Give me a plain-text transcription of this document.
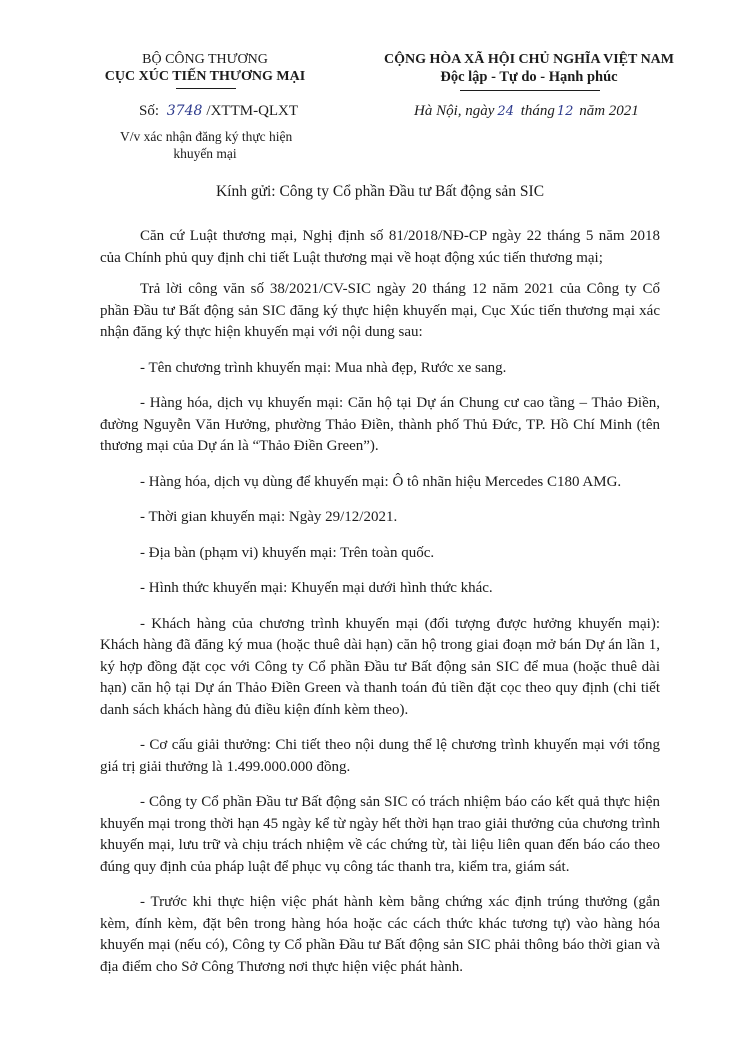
BỘ CÔNG THƯƠNG
CỤC XÚC TIẾN THƯƠNG MẠI
Số: 3748 /XTTM-QLXT
V/v xác nhận đăng ký thực hiện
khuyến mại
CỘNG HÒA XÃ HỘI CHỦ NGHĨA VIỆT NAM
Độc lập - Tự do - Hạnh phúc
Hà Nội, ngày 24 tháng 12 năm 2021
Kính gửi: Công ty Cổ phần Đầu tư Bất động sản SIC

Căn cứ Luật thương mại, Nghị định số 81/2018/NĐ-CP ngày 22 tháng 5 năm 2018 của Chính phủ quy định chi tiết Luật thương mại về hoạt động xúc tiến thương mại;

Trả lời công văn số 38/2021/CV-SIC ngày 20 tháng 12 năm 2021 của Công ty Cổ phần Đầu tư Bất động sản SIC đăng ký thực hiện khuyến mại, Cục Xúc tiến thương mại xác nhận đăng ký thực hiện khuyến mại với nội dung sau:

- Tên chương trình khuyến mại: Mua nhà đẹp, Rước xe sang.

- Hàng hóa, dịch vụ khuyến mại: Căn hộ tại Dự án Chung cư cao tầng – Thảo Điền, đường Nguyễn Văn Hưởng, phường Thảo Điền, thành phố Thủ Đức, TP. Hồ Chí Minh (tên thương mại của Dự án là “Thảo Điền Green”).

- Hàng hóa, dịch vụ dùng để khuyến mại: Ô tô nhãn hiệu Mercedes C180 AMG.

- Thời gian khuyến mại: Ngày 29/12/2021.

- Địa bàn (phạm vi) khuyến mại: Trên toàn quốc.

- Hình thức khuyến mại: Khuyến mại dưới hình thức khác.

- Khách hàng của chương trình khuyến mại (đối tượng được hưởng khuyến mại): Khách hàng đã đăng ký mua (hoặc thuê dài hạn) căn hộ trong giai đoạn mở bán Dự án lần 1, ký hợp đồng đặt cọc với Công ty Cổ phần Đầu tư Bất động sản SIC để mua (hoặc thuê dài hạn) căn hộ tại Dự án Thảo Điền Green và thanh toán đủ tiền đặt cọc theo quy định (chi tiết danh sách khách hàng đủ điều kiện đính kèm theo).

- Cơ cấu giải thưởng: Chi tiết theo nội dung thể lệ chương trình khuyến mại với tổng giá trị giải thưởng là 1.499.000.000 đồng.

- Công ty Cổ phần Đầu tư Bất động sản SIC có trách nhiệm báo cáo kết quả thực hiện khuyến mại trong thời hạn 45 ngày kể từ ngày hết thời hạn trao giải thưởng của chương trình khuyến mại, lưu trữ và chịu trách nhiệm về các chứng từ, tài liệu liên quan đến báo cáo theo đúng quy định của pháp luật để phục vụ công tác thanh tra, kiểm tra, giám sát.

- Trước khi thực hiện việc phát hành kèm bằng chứng xác định trúng thưởng (gắn kèm, đính kèm, đặt bên trong hàng hóa hoặc các cách thức khác tương tự) vào hàng hóa khuyến mại (nếu có), Công ty Cổ phần Đầu tư Bất động sản SIC phải thông báo thời gian và địa điểm cho Sở Công Thương nơi thực hiện việc phát hành.
